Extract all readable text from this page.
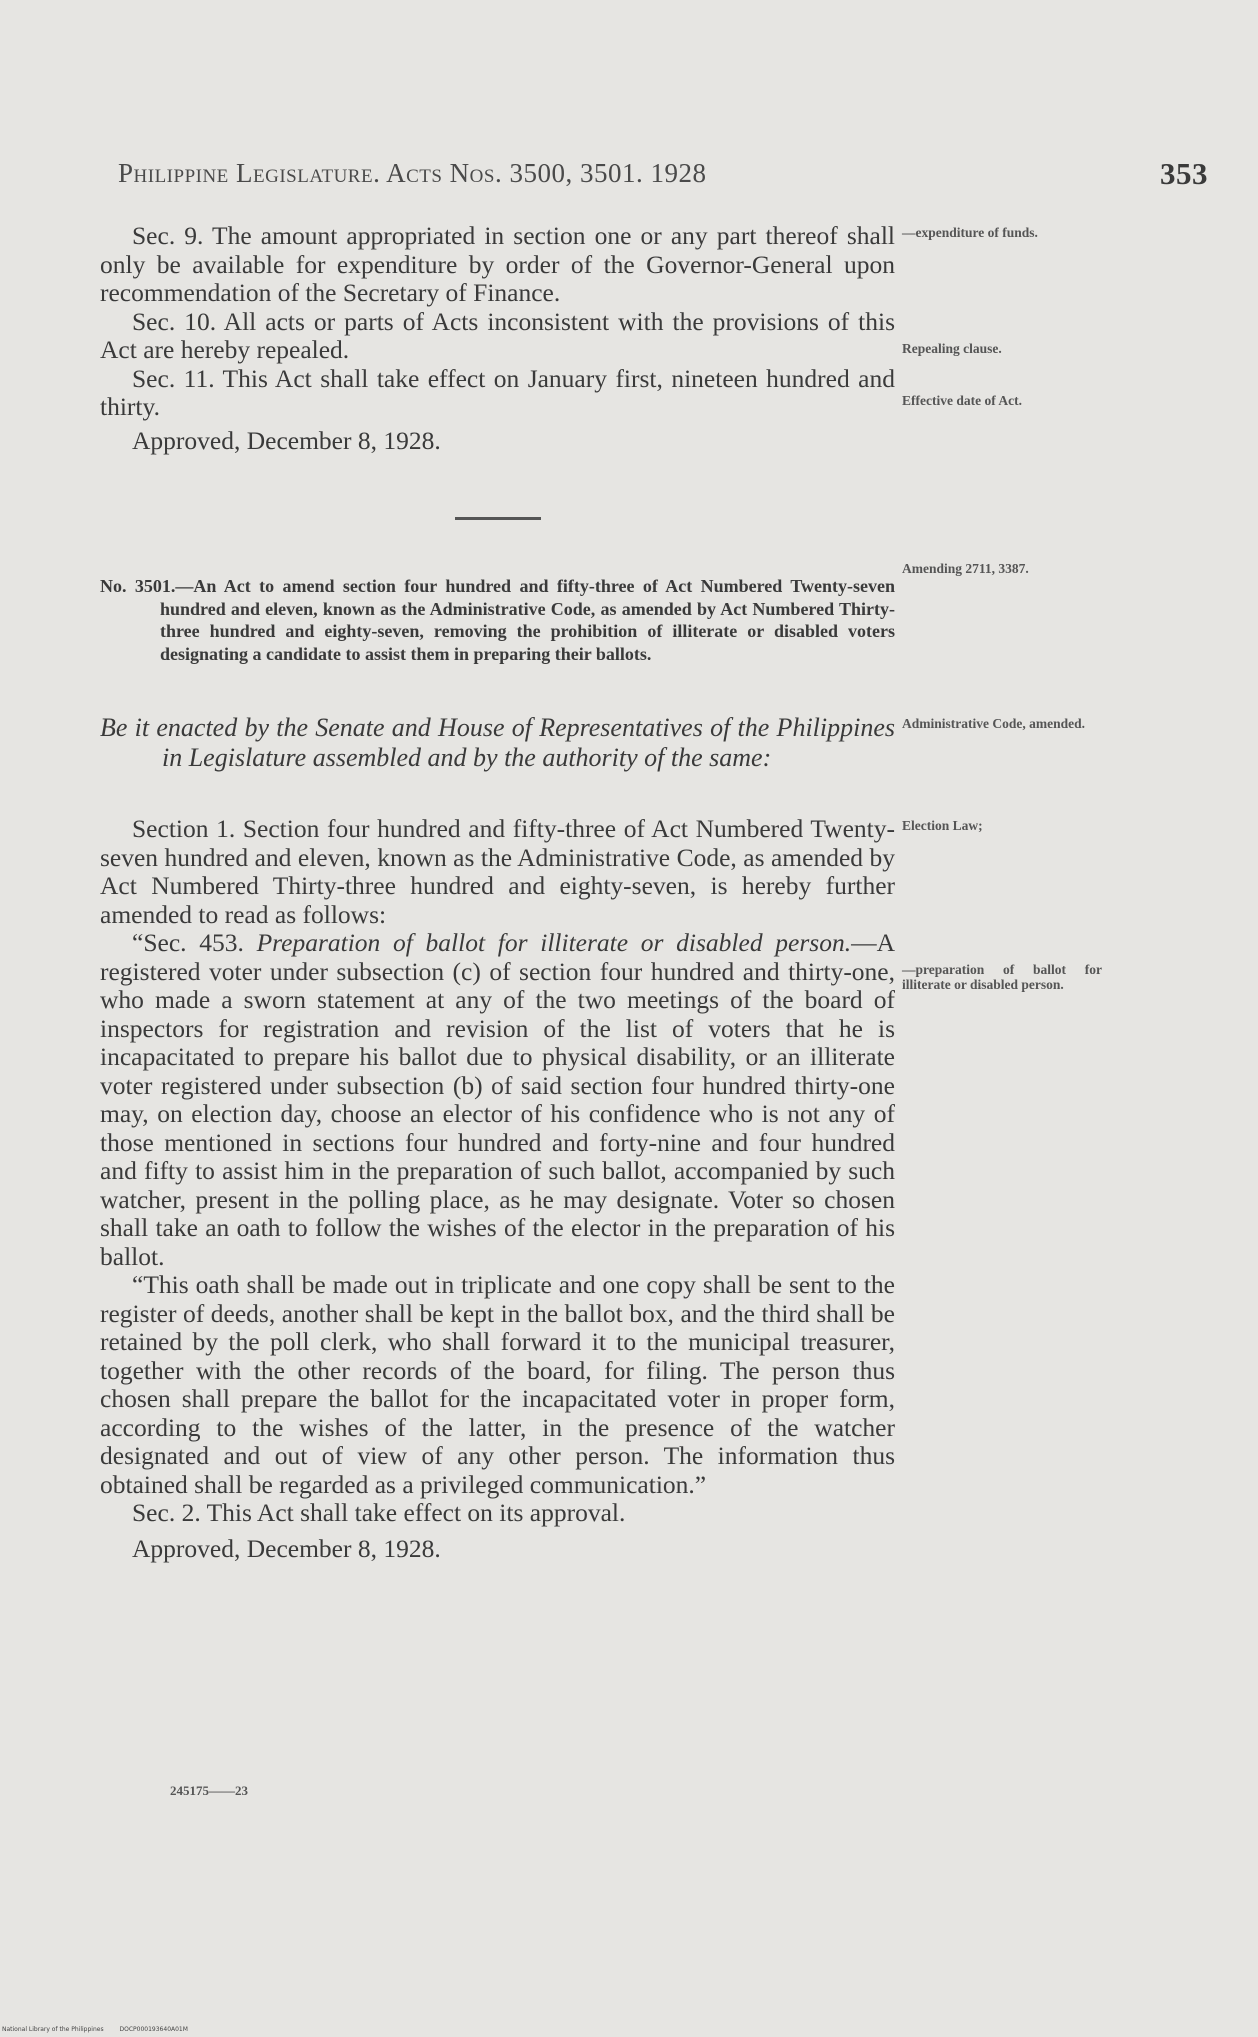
Philippine Legislature. Acts Nos. 3500, 3501. 1928	353

Sec. 9. The amount appropriated in section one or any part thereof shall only be available for expenditure by order of the Governor-General upon recommendation of the Secretary of Finance.

Sec. 10. All acts or parts of Acts inconsistent with the provisions of this Act are hereby repealed.

Sec. 11. This Act shall take effect on January first, nineteen hundred and thirty.

Approved, December 8, 1928.

No. 3501.—An Act to amend section four hundred and fifty-three of Act Numbered Twenty-seven hundred and eleven, known as the Administrative Code, as amended by Act Numbered Thirty-three hundred and eighty-seven, removing the prohibition of illiterate or disabled voters designating a candidate to assist them in preparing their ballots.

Be it enacted by the Senate and House of Representatives of the Philippines in Legislature assembled and by the authority of the same:

Section 1. Section four hundred and fifty-three of Act Numbered Twenty-seven hundred and eleven, known as the Administrative Code, as amended by Act Numbered Thirty-three hundred and eighty-seven, is hereby further amended to read as follows:

“Sec. 453. Preparation of ballot for illiterate or disabled person.—A registered voter under subsection (c) of section four hundred and thirty-one, who made a sworn statement at any of the two meetings of the board of inspectors for registration and revision of the list of voters that he is incapacitated to prepare his ballot due to physical disability, or an illiterate voter registered under subsection (b) of said section four hundred thirty-one may, on election day, choose an elector of his confidence who is not any of those mentioned in sections four hundred and forty-nine and four hundred and fifty to assist him in the preparation of such ballot, accompanied by such watcher, present in the polling place, as he may designate. Voter so chosen shall take an oath to follow the wishes of the elector in the preparation of his ballot.

“This oath shall be made out in triplicate and one copy shall be sent to the register of deeds, another shall be kept in the ballot box, and the third shall be retained by the poll clerk, who shall forward it to the municipal treasurer, together with the other records of the board, for filing. The person thus chosen shall prepare the ballot for the incapacitated voter in proper form, according to the wishes of the latter, in the presence of the watcher designated and out of view of any other person. The information thus obtained shall be regarded as a privileged communication.”

Sec. 2. This Act shall take effect on its approval.

Approved, December 8, 1928.

245175——23
—expenditure of funds.
Repealing clause.
Effective date of Act.
Amending 2711, 3387.
Administrative Code, amended.
Election Law;
—preparation of ballot for illiterate or disabled person.
National Library of the Philippines	DOCP000193640A01M
